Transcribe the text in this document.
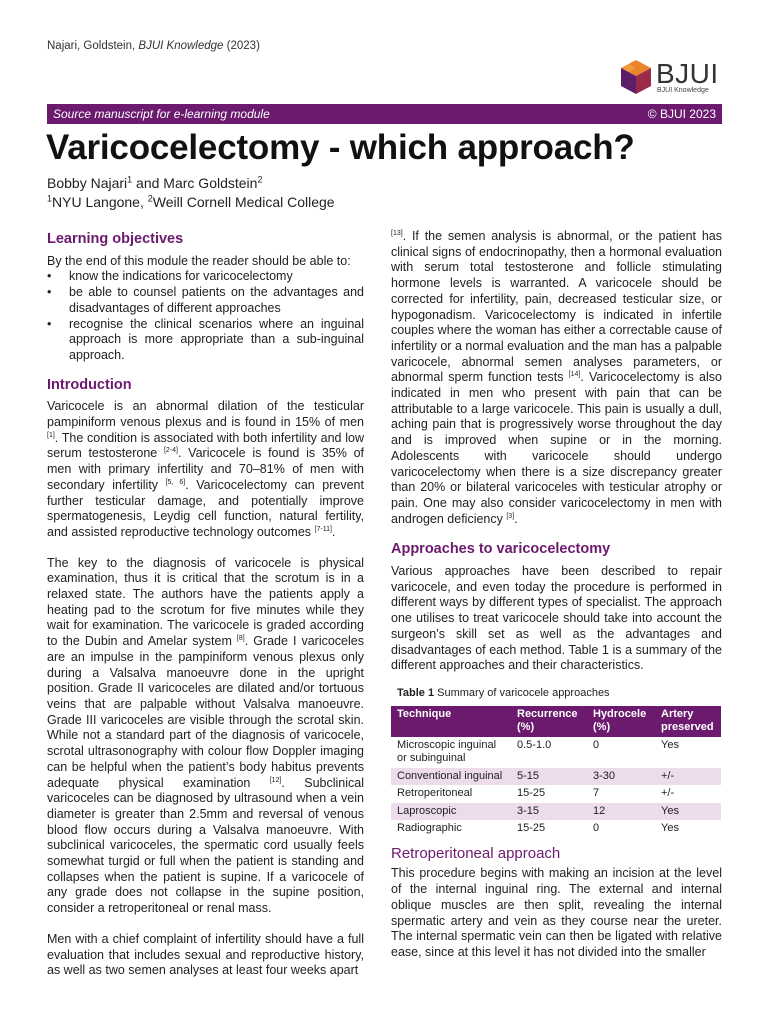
Najari, Goldstein, BJUI Knowledge (2023)
BJUI
BJUI Knowledge
Source manuscript for e-learning module	© BJUI 2023
Varicocelectomy - which approach?
Bobby Najari$^1$ and Marc Goldstein$^2$
$^1$NYU Langone, $^2$Weill Cornell Medical College
Learning objectives

By the end of this module the reader should be able to:

• know the indications for varicocelectomy
• be able to counsel patients on the advantages and disadvantages of different approaches
• recognise the clinical scenarios where an inguinal approach is more appropriate than a sub-inguinal approach.
Introduction

Varicocele is an abnormal dilation of the testicular pampiniform venous plexus and is found in 15% of men [1]. The condition is associated with both infertility and low serum testosterone [2-4]. Varicocele is found is 35% of men with primary infertility and 70–81% of men with secondary infertility [5, 6]. Varicocelectomy can prevent further testicular damage, and potentially improve spermatogenesis, Leydig cell function, natural fertility, and assisted reproductive technology outcomes [7-11].

The key to the diagnosis of varicocele is physical examination, thus it is critical that the scrotum is in a relaxed state. The authors have the patients apply a heating pad to the scrotum for five minutes while they wait for examination. The varicocele is graded according to the Dubin and Amelar system [8]. Grade I varicoceles are an impulse in the pampiniform venous plexus only during a Valsalva manoeuvre done in the upright position. Grade II varicoceles are dilated and/or tortuous veins that are palpable without Valsalva manoeuvre. Grade III varicoceles are visible through the scrotal skin. While not a standard part of the diagnosis of varicocele, scrotal ultrasonography with colour flow Doppler imaging can be helpful when the patient’s body habitus prevents adequate physical examination [12]. Subclinical varicoceles can be diagnosed by ultrasound when a vein diameter is greater than 2.5mm and reversal of venous blood flow occurs during a Valsalva manoeuvre. With subclinical varicoceles, the spermatic cord usually feels somewhat turgid or full when the patient is standing and collapses when the patient is supine. If a varicocele of any grade does not collapse in the supine position, consider a retroperitoneal or renal mass.

Men with a chief complaint of infertility should have a full evaluation that includes sexual and reproductive history, as well as two semen analyses at least four weeks apart

[13]. If the semen analysis is abnormal, or the patient has clinical signs of endocrinopathy, then a hormonal evaluation with serum total testosterone and follicle stimulating hormone levels is warranted. A varicocele should be corrected for infertility, pain, decreased testicular size, or hypogonadism. Varicocelectomy is indicated in infertile couples where the woman has either a correctable cause of infertility or a normal evaluation and the man has a palpable varicocele, abnormal semen analyses parameters, or abnormal sperm function tests [14]. Varicocelectomy is also indicated in men who present with pain that can be attributable to a large varicocele. This pain is usually a dull, aching pain that is progressively worse throughout the day and is improved when supine or in the morning. Adolescents with varicocele should undergo varicocelectomy when there is a size discrepancy greater than 20% or bilateral varicoceles with testicular atrophy or pain. One may also consider varicocelectomy in men with androgen deficiency [3].

Approaches to varicocelectomy

Various approaches have been described to repair varicocele, and even today the procedure is performed in different ways by different types of specialist. The approach one utilises to treat varicocele should take into account the surgeon’s skill set as well as the advantages and disadvantages of each method. Table 1 is a summary of the different approaches and their characteristics.

Table 1 Summary of varicocele approaches
Technique	Recurrence (%)	Hydrocele (%)	Artery preserved
Microscopic inguinal or subinguinal	0.5-1.0	0	Yes
Conventional inguinal	5-15	3-30	+/-
Retroperitoneal	15-25	7	+/-
Laproscopic	3-15	12	Yes
Radiographic	15-25	0	Yes
Retroperitoneal approach

This procedure begins with making an incision at the level of the internal inguinal ring. The external and internal oblique muscles are then split, revealing the internal spermatic artery and vein as they course near the ureter. The internal spermatic vein can then be ligated with relative ease, since at this level it has not divided into the smaller
